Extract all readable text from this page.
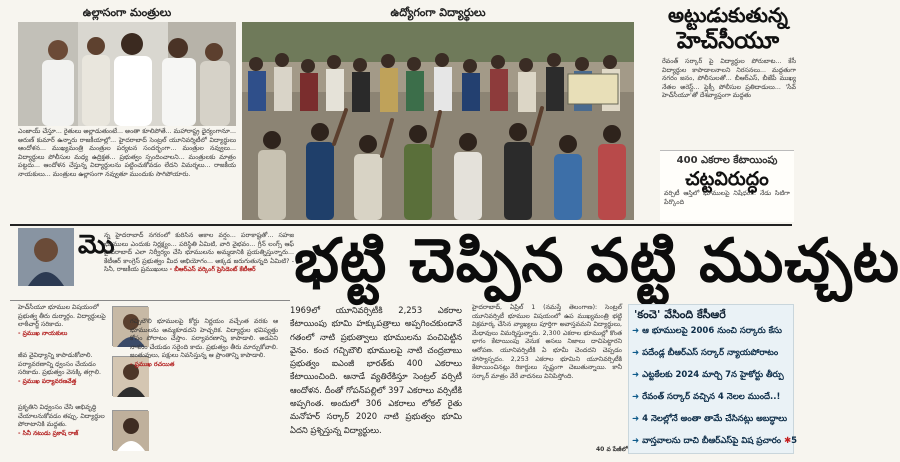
ఉల్లాసంగా మంత్రులు
ఎంజాయ్ చేస్తూ... రైతులు అల్లాడుతుంటే... అంతా కూలిపోతే... మహారాష్ట్ర ధైర్యంగానూ... అరుణ్ కుమార్ ఉన్నారు రాజకీయాల్లో... హైదరాబాద్ సెంట్రల్ యూనివర్శిటీలో విద్యార్థులు ఆందోళన... ముఖ్యమంత్రి మంత్రుల పర్యటన సందర్భంగా... మంత్రుల నవ్వులు... విద్యార్థులు పోలీసుల మధ్య ఉద్రిక్తత... ప్రభుత్వం స్పందించాలని... మంత్రులకు మాత్రం పట్టదు... ఆందోళన చేస్తున్న విద్యార్థులను పట్టించుకోవడం లేదని విమర్శలు... రాజకీయ నాయకులు... మంత్రులు ఉల్లాసంగా నవ్వుతూ ముందుకు సాగిపోయారు.
ఉద్యోగంగా విద్యార్థులు	అట్టుడుకుతున్న
హెచ్‌సీయూ
రేవంత్ సర్కార్ పై విద్యార్థుల పోరుబాట... కేసీ విద్యార్థుల కాపాడాలనాలని నిరసనలు... మద్దతుగా నగరం జనం, పోలీసులతో... బీఆర్ఎస్, బీజేపీ ముఖ్య నేతల అరెస్ట్... ఫ్లెక్సీ పోలీసుల ప్రతిదాడులు... 'సేవ్ హెచ్‌సీయూ'తో దేశవ్యాప్తంగా మద్దతు
400 ఎకరాల కేటాయింపు
చట్టవిరుద్ధం
వర్సిటీ ఆస్తిలో భూములపై నిషేధం... నేడు సిటిగా పేర్కొంది
మొ
న్న హైదరాబాద్ నగరంలో కురిసిన అకాల వర్షం... పరాకాష్టతో... సహజ భూములు ఎందుకు నిర్లక్ష్యం... పరిస్థితి ఏమిటి, వారి వైభవం... గ్రీన్ లంగ్స్ ఆఫ్ హైదరాబాద్ ఎలా నిర్వీర్యం చేసి భూములను అమ్మడానికి ప్రయత్నిస్తున్నారు... కేటీఆర్ కాంగ్రెస్ ప్రభుత్వం మీద అభియోగం... అక్కడ జరుగుతున్నది ఏమిటి? - సినీ, రాజకీయ ప్రముఖులు - బీఆర్ఎస్ వర్కింగ్ ప్రెసిడెంట్ కేటీఆర్ భట్టి చెప్పిన వట్టి ముచ్చట
హెచ్‌సీయూ భూముల విషయంలో ప్రభుత్వ తీరు దుర్మార్గం. విద్యార్థులపై లాఠీచార్జ్ సరికాదు.
- ప్రముఖ నాయకులు
జీవ వైవిధ్యాన్ని కాపాడుకోవాలి. పర్యావరణాన్ని ధ్వంసం చేయడం సరికాదు. ప్రభుత్వం వెనక్కి తగ్గాలి.
- ప్రముఖ పర్యావరణవేత్త
ప్రకృతిని విధ్వంసం చేసి అభివృద్ధి చేయాలనుకోవడం తప్పు. విద్యార్థుల పోరాటానికి మద్దతు.
- సినీ నటుడు ప్రకాష్ రాజ్
గచ్చిబౌలి భూములపై కోర్టు నిర్ణయం వచ్చేంత వరకు ఆ భూములను అమ్మకూడదని హెచ్చరిక. విద్యార్థుల భవిష్యత్తు కోసం పోరాటం చేస్తాం. పర్యావరణాన్ని కాపాడాలి. అడవిని నాశనం చేయడం సరైంది కాదు. ప్రభుత్వం తీరు మార్చుకోవాలి. జంతువులు, పక్షులు నివసిస్తున్న ఆ ప్రాంతాన్ని కాపాడాలి.
- ప్రముఖ రచయిత
1969లో యూనివర్సిటీకి 2,253 ఎకరాల కేటాయింపు భూమి హక్కుపత్రాలు అప్పగించకుండానే గతంలో నాటి ప్రభుత్వాలు భూములను పంచిపెట్టిన వైనం. కంచ గచ్చిబౌలి భూములపై నాటి చంద్రబాబు ప్రభుత్వం ఐఎంజీ భారత్‌కు 400 ఎకరాలు కేటాయించింది. ఆనాడే వ్యతిరేకిస్తూ సెంట్రల్ వర్సిటీ ఆందోళన. దీంతో గోపన్‌పల్లిలో 397 ఎకరాలు వర్సిటీకి అప్పగింత. అందులో 306 ఎకరాలు లోకల్ రైతు మనోహర్ సర్కార్ 2020 నాటి ప్రభుత్వం భూమి ఏదని ప్రశ్నిస్తున్న విద్యార్థులు.
హైదరాబాద్, ఏప్రిల్ 1 (నమస్తే తెలంగాణ): సెంట్రల్ యూనివర్సిటీ భూముల విషయంలో ఉప ముఖ్యమంత్రి భట్టి విక్రమార్క చేసిన వ్యాఖ్యలు పూర్తిగా అవాస్తవమని విద్యార్థులు, మేధావులు విమర్శిస్తున్నారు. 2,300 ఎకరాల భూముల్లో కొంత భాగం కేటాయింపు వెనుక అసలు నిజాలు దాచిపెట్టారని ఆరోపణ. యూనివర్సిటీకి ఏ భూమీ చెందదని చెప్పడం హాస్యాస్పదం. 2,253 ఎకరాల భూమిని యూనివర్సిటీకి కేటాయించినట్లు రికార్డులు స్పష్టంగా చెబుతున్నాయి. కానీ సర్కార్ మాత్రం వేరే వాదనలు వినిపిస్తోంది.
40 వ పేజీలో
'కంచె' వేసింది కేసీఆరే
➜ ఆ భూములపై 2006 నుంచి సర్కారు కేసు
➜ పదేండ్ల బీఆర్ఎస్ సర్కార్ న్యాయపోరాటం
➜ ఎట్టకేలకు 2024 మార్చి 7న హైకోర్టు తీర్పు
➜ రేవంత్ సర్కార్ వచ్చిన 4 నెలల ముందే..!
➜ 4 నెలల్లోనే అంతా తామే చేసినట్లు అబద్ధాలు
➜ వాస్తవాలను దాచి బీఆర్ఎస్‌పై విష ప్రచారం ✱5
